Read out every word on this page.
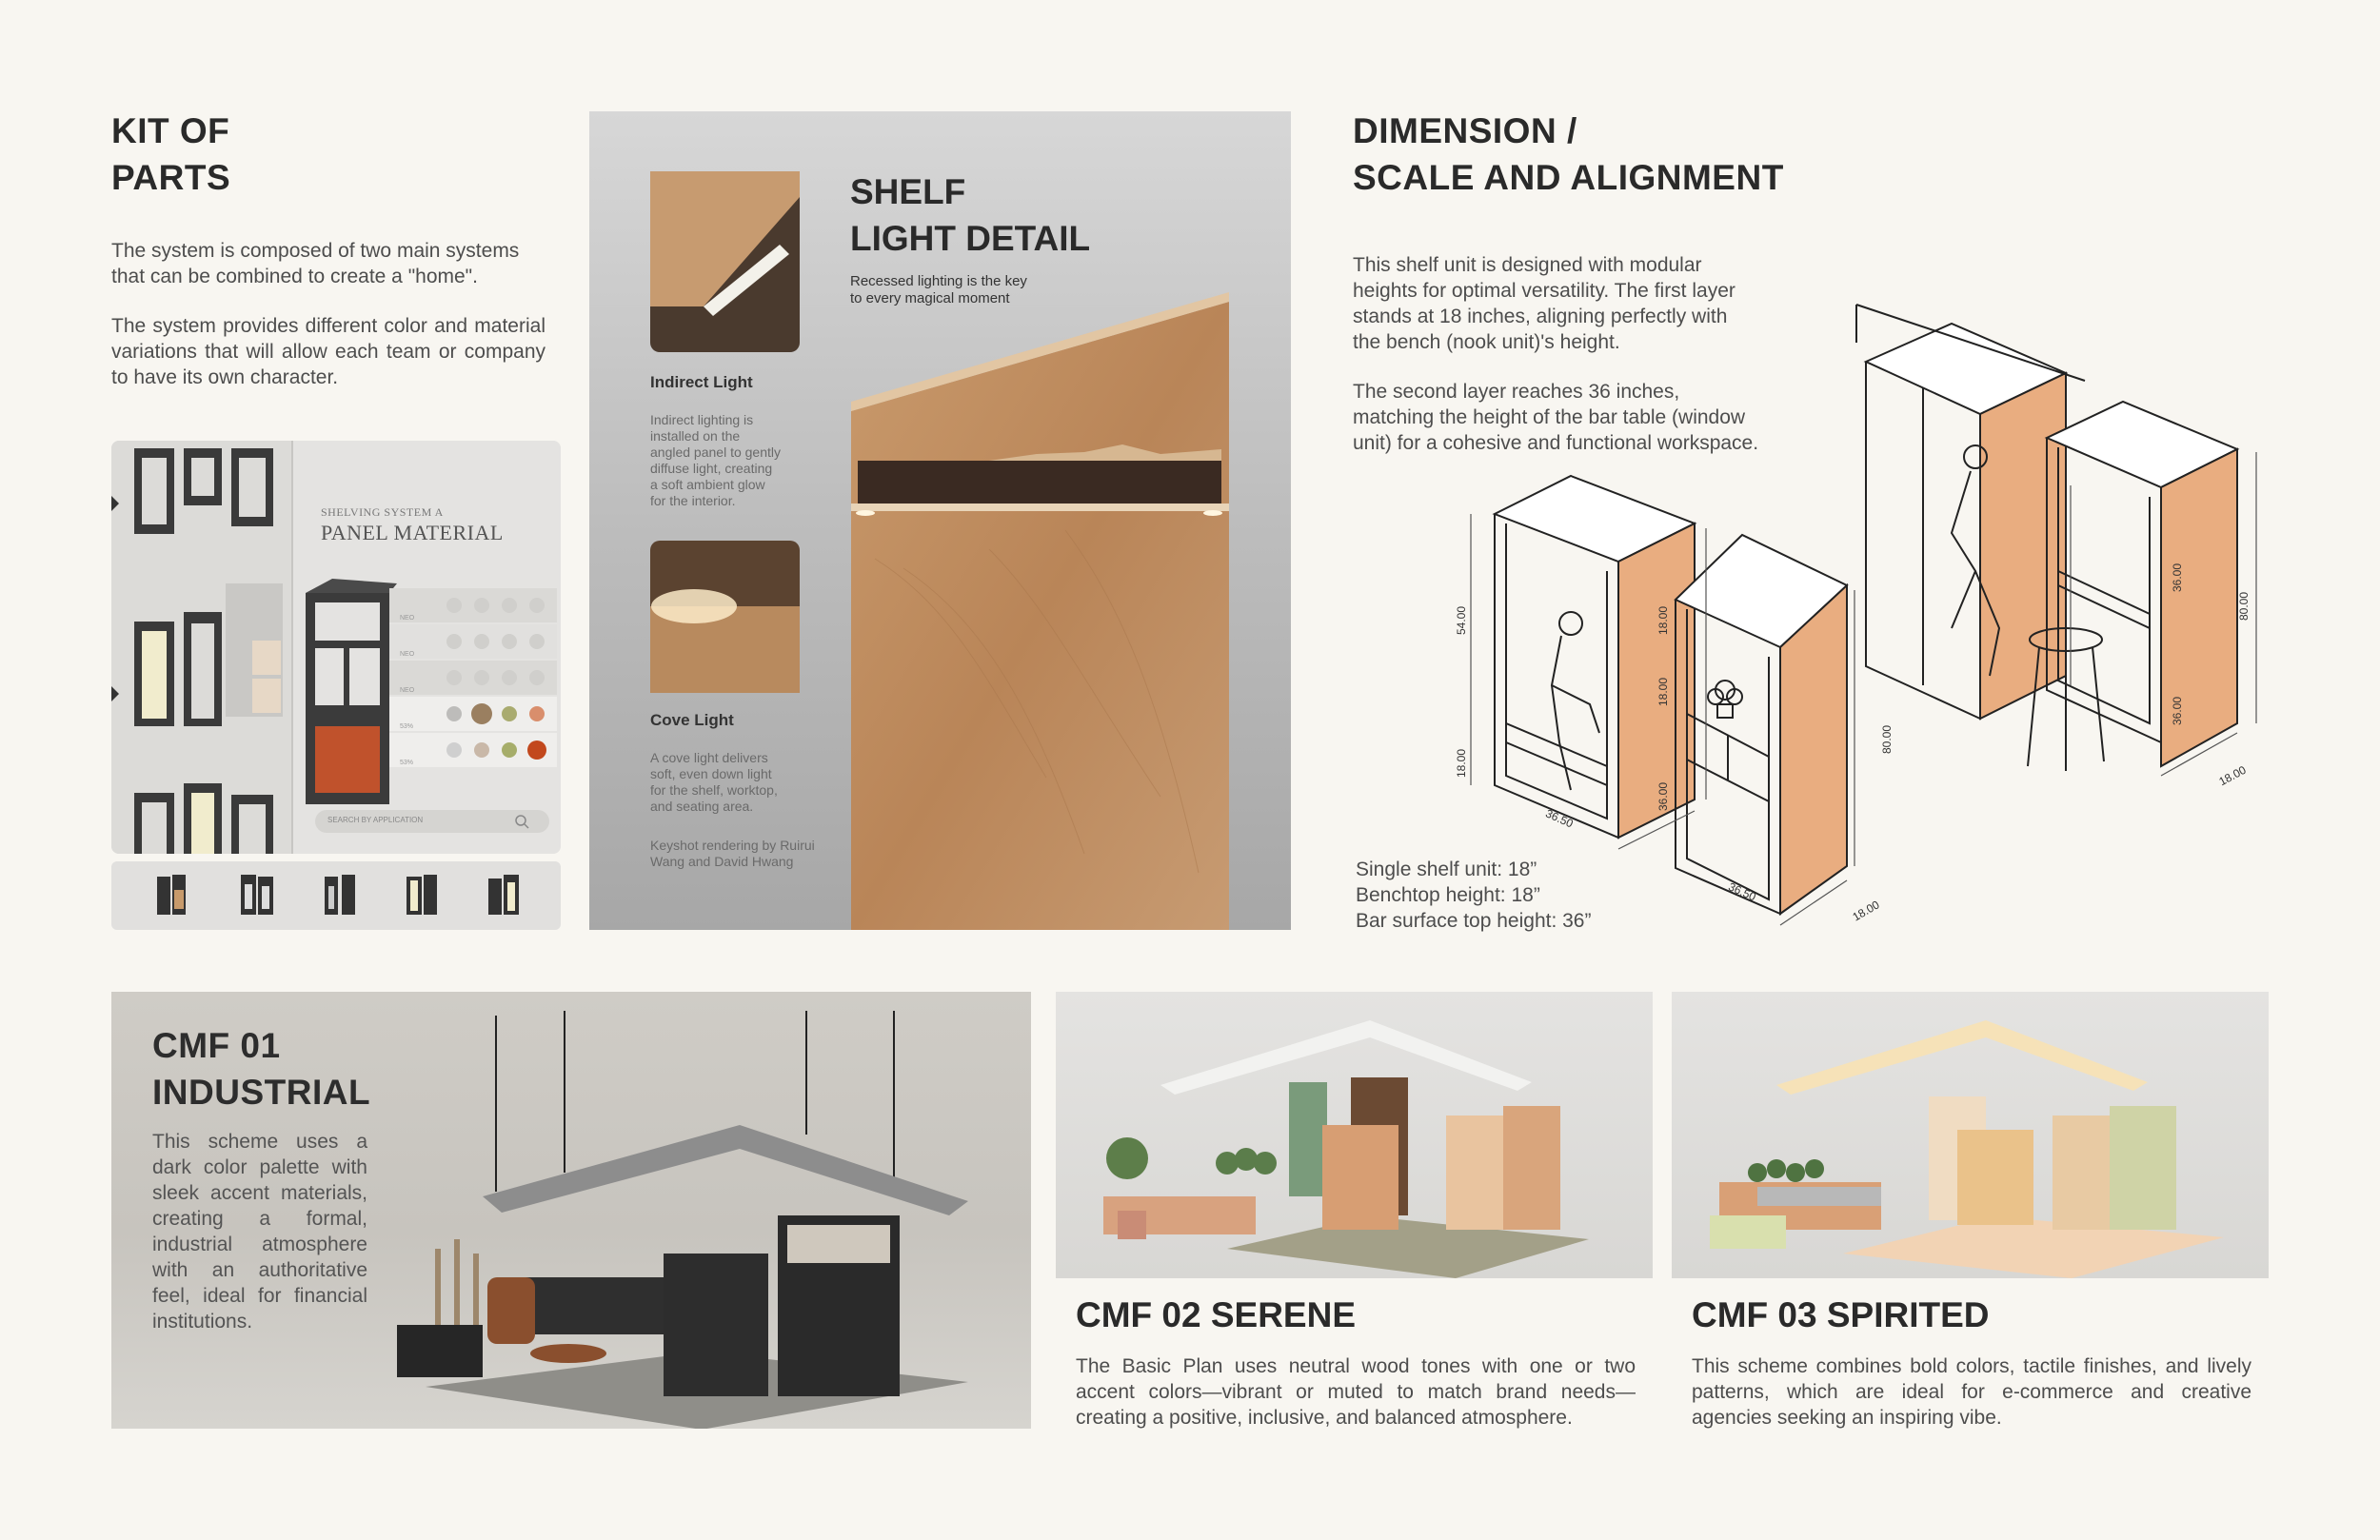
KIT OF
PARTS
The system is composed of two main systems
that can be combined to create a "home".
The system provides different color and material variations that will allow each team or company to have its own character.
SHELVING SYSTEM A
PANEL MATERIAL
SEARCH BY APPLICATION
NEO
NEO
NEO
53%
53%
SHELF
LIGHT DETAIL
Recessed lighting is the key
to every magical moment
Indirect Light
Indirect lighting is
installed on the
angled panel to gently
diffuse light, creating
a soft ambient glow
for the interior.
Cove Light
A cove light delivers
soft, even down light
for the shelf, worktop,
and seating area.
Keyshot rendering by Ruirui
Wang and David Hwang
DIMENSION /
SCALE AND ALIGNMENT
This shelf unit is designed with modular
heights for optimal versatility. The first layer
stands at 18 inches, aligning perfectly with
the bench (nook unit)'s height.
The second layer reaches 36 inches,
matching the height of the bar table (window
unit) for a cohesive and functional workspace.
54.00
18.00
18.00
18.00
36.00
80.00
80.00
36.00
36.00
18.00
18.00
36.50
36.50
Single shelf unit: 18”
Benchtop height: 18”
Bar surface top height: 36”
CMF 01
INDUSTRIAL
This scheme uses a dark color palette with sleek accent materials, creating a formal, industrial atmosphere with an authoritative feel, ideal for financial institutions.	CMF 02 SERENE
The Basic Plan uses neutral wood tones with one or two accent colors—vibrant or muted to match brand needs—creating a positive, inclusive, and balanced atmosphere.
CMF 03 SPIRITED
This scheme combines bold colors, tactile finishes, and lively patterns, which are ideal for e-commerce and creative agencies seeking an inspiring vibe.
